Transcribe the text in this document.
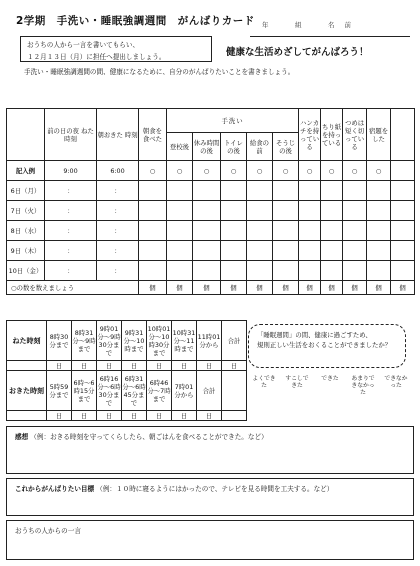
2学期　手洗い・睡眠強調週間　がんばりカード 年　組　名前
おうちの人から一言を書いてもらい、
１２月１３日（月）に担任へ提出しましょう。	健康な生活めざしてがんばろう！
手洗い・睡眠強調週間の間、健康になるために、自分のがんばりたいことを書きましょう。
	前の日の夜 ねた時刻	朝おきた 時刻	朝食を 食べた	手洗い					ハンカチを持っている	ちり紙を持っている	つめは短く切っている	宿題をした	
				登校後	休み時間の後	トイレの後	給食の前	そうじの後					
記入例	9:00	6:00	○	○	○	○	○	○	○	○	○	○	
6日（月）	：	：											
7日（火）	：	：											
8日（水）	：	：											
9日（木）	：	：											
10日（金）	：	：											
○の数を数えましょう			個	個	個	個	個	個	個	個	個	個	個
ねた時刻	8時30分まで	8時31分〜9時まで	9時01分〜9時30分まで	9時31分〜10時まで	10時01分〜10時30分まで	10時31分〜11時まで	11時01分から	合計
	日	日	日	日	日	日	日	日
おきた時刻	5時59分まで	6時〜6時15分まで	6時16分〜6時30分まで	6時31分〜6時45分まで	6時46分〜7時まで	7時01分から	合計	
	日	日	日	日	日	日	日	
「睡眠週間」の間、健康に過ごすため、
規則正しい生活をおくることができましたか？
よくできた
すこしできた
できた	あまりできなかった
できなかった
感想 （例：おきる時刻を守ってくらしたら、朝ごはんを食べることができた。など）
これからがんばりたい目標 （例：１０時に寝るようにはかったので、テレビを見る時間を工夫する。など）
おうちの人からの一言
